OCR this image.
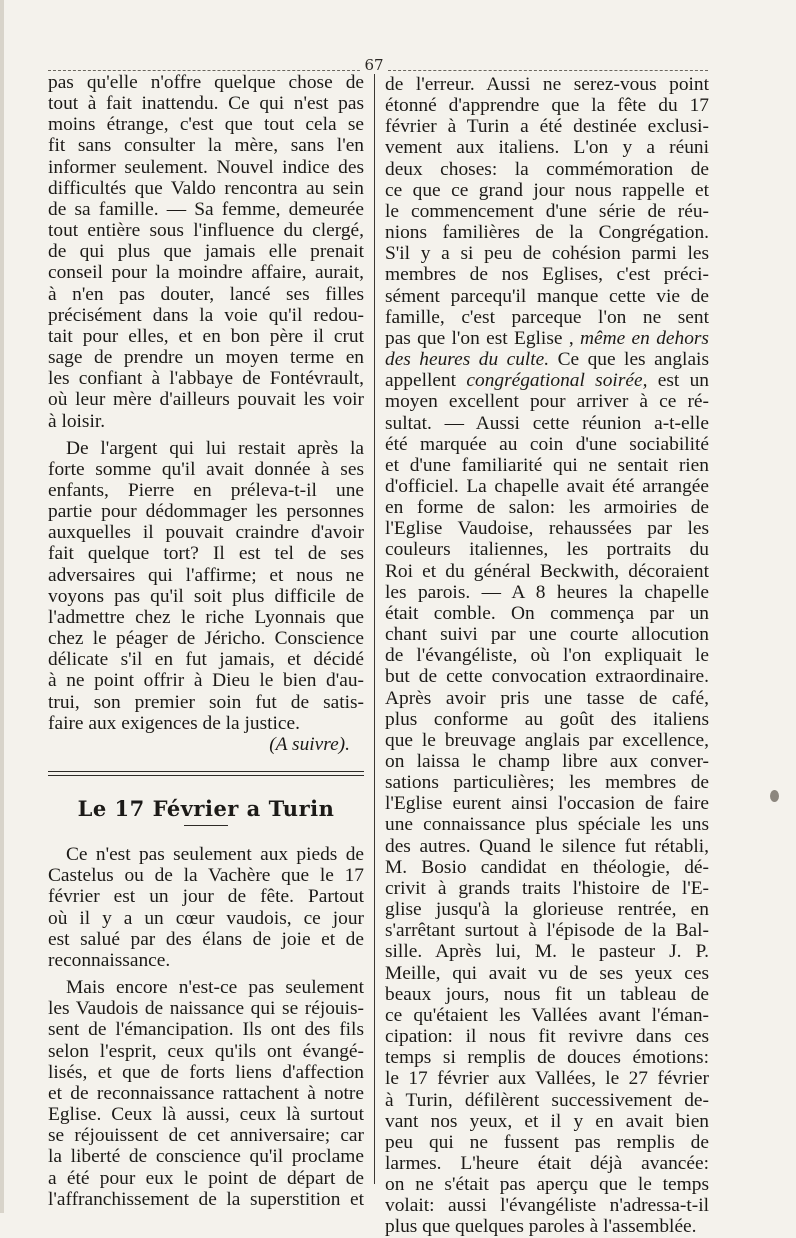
67

pas qu'elle n'offre quelque chose de
tout à fait inattendu. Ce qui n'est pas
moins étrange, c'est que tout cela se
fit sans consulter la mère, sans l'en
informer seulement. Nouvel indice des
difficultés que Valdo rencontra au sein
de sa famille. — Sa femme, demeurée
tout entière sous l'influence du clergé,
de qui plus que jamais elle prenait
conseil pour la moindre affaire, aurait,
à n'en pas douter, lancé ses filles
précisément dans la voie qu'il redou-
tait pour elles, et en bon père il crut
sage de prendre un moyen terme en
les confiant à l'abbaye de Fontévrault,
où leur mère d'ailleurs pouvait les voir
à loisir.

De l'argent qui lui restait après la
forte somme qu'il avait donnée à ses
enfants, Pierre en préleva-t-il une
partie pour dédommager les personnes
auxquelles il pouvait craindre d'avoir
fait quelque tort? Il est tel de ses
adversaires qui l'affirme; et nous ne
voyons pas qu'il soit plus difficile de
l'admettre chez le riche Lyonnais que
chez le péager de Jéricho. Conscience
délicate s'il en fut jamais, et décidé
à ne point offrir à Dieu le bien d'au-
trui, son premier soin fut de satis-
faire aux exigences de la justice.

(A suivre).
Le 17 Février a Turin

Ce n'est pas seulement aux pieds de
Castelus ou de la Vachère que le 17
février est un jour de fête. Partout
où il y a un cœur vaudois, ce jour
est salué par des élans de joie et de
reconnaissance.

Mais encore n'est-ce pas seulement
les Vaudois de naissance qui se réjouis-
sent de l'émancipation. Ils ont des fils
selon l'esprit, ceux qu'ils ont évangé-
lisés, et que de forts liens d'affection
et de reconnaissance rattachent à notre
Eglise. Ceux là aussi, ceux là surtout
se réjouissent de cet anniversaire; car
la liberté de conscience qu'il proclame
a été pour eux le point de départ de
l'affranchissement de la superstition et

de l'erreur. Aussi ne serez-vous point
étonné d'apprendre que la fête du 17
février à Turin a été destinée exclusi-
vement aux italiens. L'on y a réuni
deux choses: la commémoration de
ce que ce grand jour nous rappelle et
le commencement d'une série de réu-
nions familières de la Congrégation.
S'il y a si peu de cohésion parmi les
membres de nos Eglises, c'est préci-
sément parcequ'il manque cette vie de
famille, c'est parceque l'on ne sent
pas que l'on est Eglise , même en dehors
des heures du culte. Ce que les anglais
appellent congrégational soirée, est un
moyen excellent pour arriver à ce ré-
sultat. — Aussi cette réunion a-t-elle
été marquée au coin d'une sociabilité
et d'une familiarité qui ne sentait rien
d'officiel. La chapelle avait été arrangée
en forme de salon: les armoiries de
l'Eglise Vaudoise, rehaussées par les
couleurs italiennes, les portraits du
Roi et du général Beckwith, décoraient
les parois. — A 8 heures la chapelle
était comble. On commença par un
chant suivi par une courte allocution
de l'évangéliste, où l'on expliquait le
but de cette convocation extraordinaire.
Après avoir pris une tasse de café,
plus conforme au goût des italiens
que le breuvage anglais par excellence,
on laissa le champ libre aux conver-
sations particulières; les membres de
l'Eglise eurent ainsi l'occasion de faire
une connaissance plus spéciale les uns
des autres. Quand le silence fut rétabli,
M. Bosio candidat en théologie, dé-
crivit à grands traits l'histoire de l'E-
glise jusqu'à la glorieuse rentrée, en
s'arrêtant surtout à l'épisode de la Bal-
sille. Après lui, M. le pasteur J. P.
Meille, qui avait vu de ses yeux ces
beaux jours, nous fit un tableau de
ce qu'étaient les Vallées avant l'éman-
cipation: il nous fit revivre dans ces
temps si remplis de douces émotions:
le 17 février aux Vallées, le 27 février
à Turin, défilèrent successivement de-
vant nos yeux, et il y en avait bien
peu qui ne fussent pas remplis de
larmes. L'heure était déjà avancée:
on ne s'était pas aperçu que le temps
volait: aussi l'évangéliste n'adressa-t-il
plus que quelques paroles à l'assemblée.
